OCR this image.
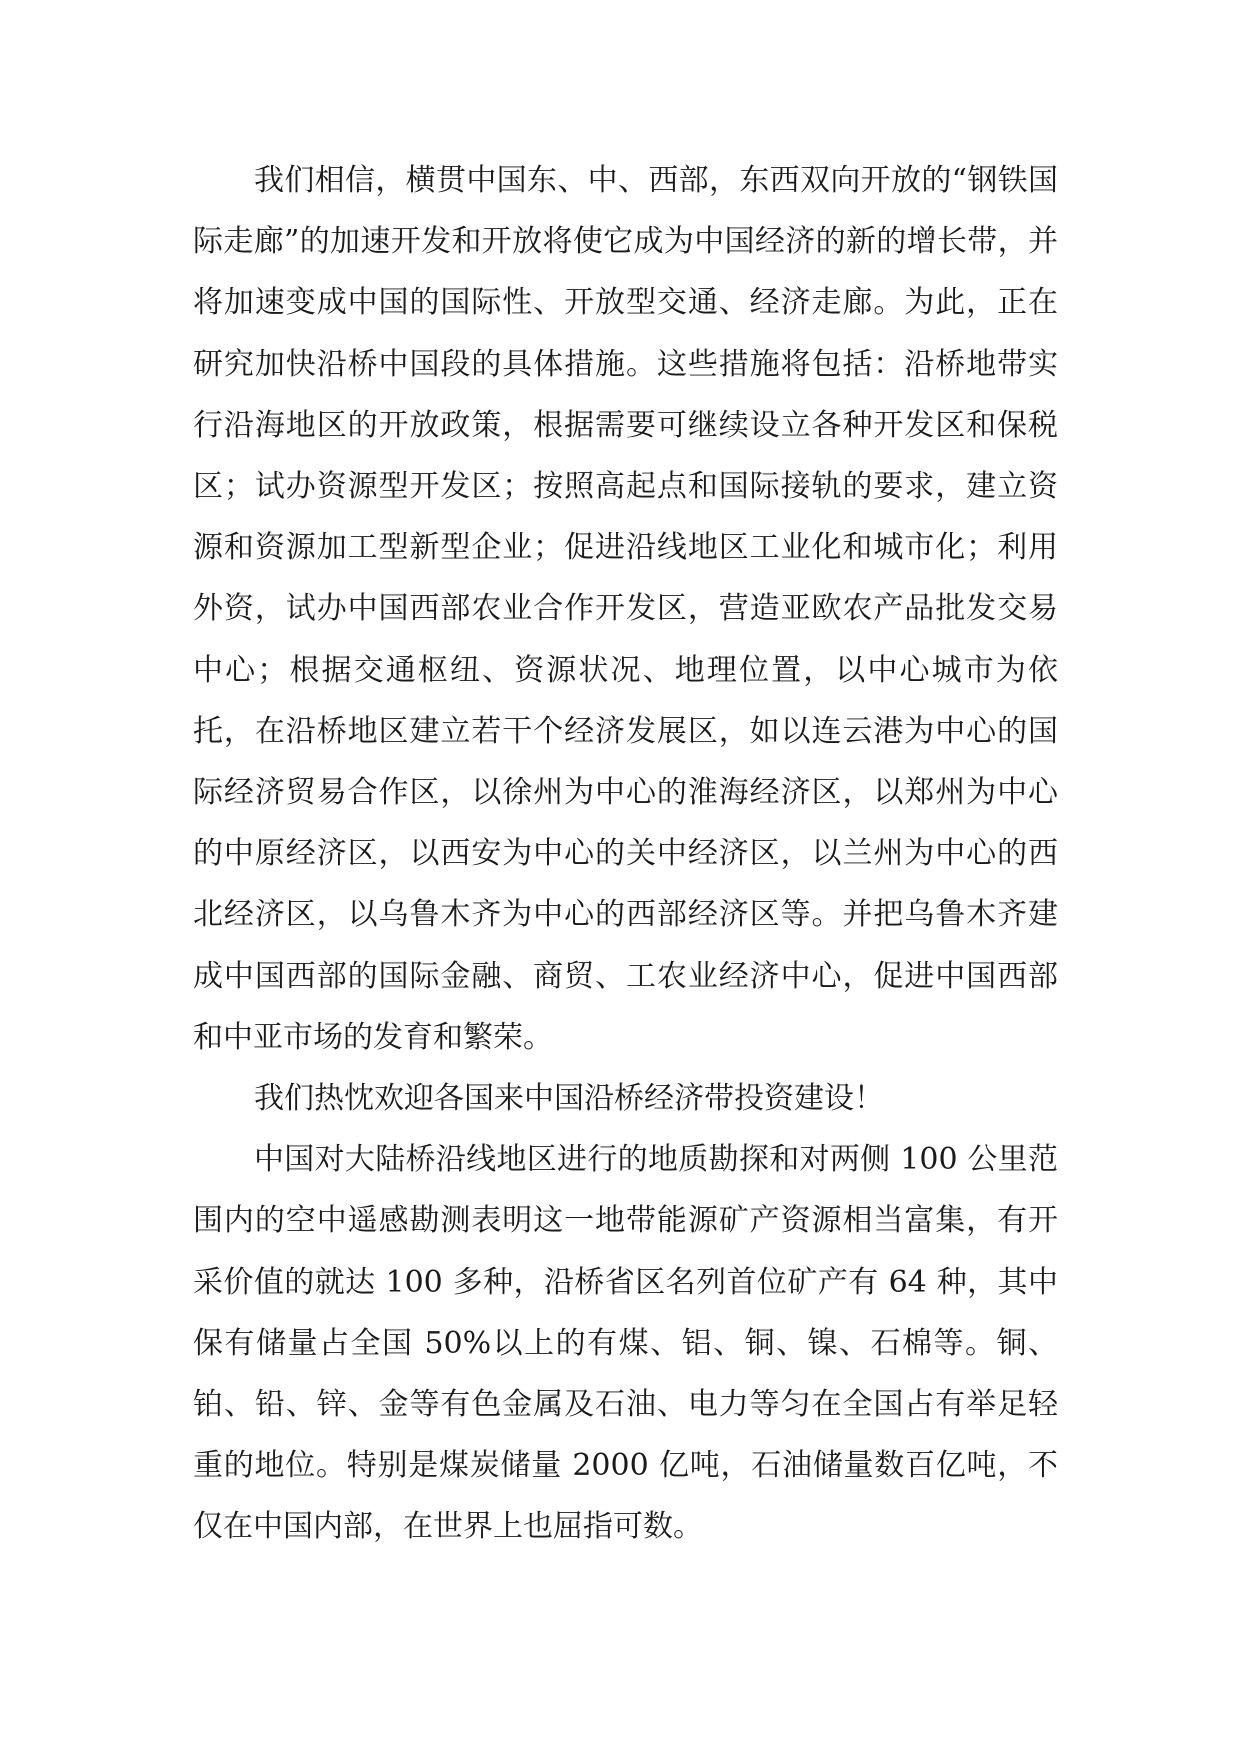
我们相信，横贯中国东、中、西部，东西双向开放的“钢铁国际走廊”的加速开发和开放将使它成为中国经济的新的增长带，并将加速变成中国的国际性、开放型交通、经济走廊。为此，正在研究加快沿桥中国段的具体措施。这些措施将包括：沿桥地带实行沿海地区的开放政策，根据需要可继续设立各种开发区和保税区；试办资源型开发区；按照高起点和国际接轨的要求，建立资源和资源加工型新型企业；促进沿线地区工业化和城市化；利用外资，试办中国西部农业合作开发区，营造亚欧农产品批发交易中心；根据交通枢纽、资源状况、地理位置，以中心城市为依托，在沿桥地区建立若干个经济发展区，如以连云港为中心的国际经济贸易合作区，以徐州为中心的淮海经济区，以郑州为中心的中原经济区，以西安为中心的关中经济区，以兰州为中心的西北经济区，以乌鲁木齐为中心的西部经济区等。并把乌鲁木齐建成中国西部的国际金融、商贸、工农业经济中心，促进中国西部和中亚市场的发育和繁荣。

我们热忱欢迎各国来中国沿桥经济带投资建设！

中国对大陆桥沿线地区进行的地质勘探和对两侧 100 公里范围内的空中遥感勘测表明这一地带能源矿产资源相当富集，有开采价值的就达 100 多种，沿桥省区名列首位矿产有 64 种，其中保有储量占全国 50%以上的有煤、铝、铜、镍、石棉等。铜、铂、铅、锌、金等有色金属及石油、电力等匀在全国占有举足轻重的地位。特别是煤炭储量 2000 亿吨，石油储量数百亿吨，不仅在中国内部，在世界上也屈指可数。
